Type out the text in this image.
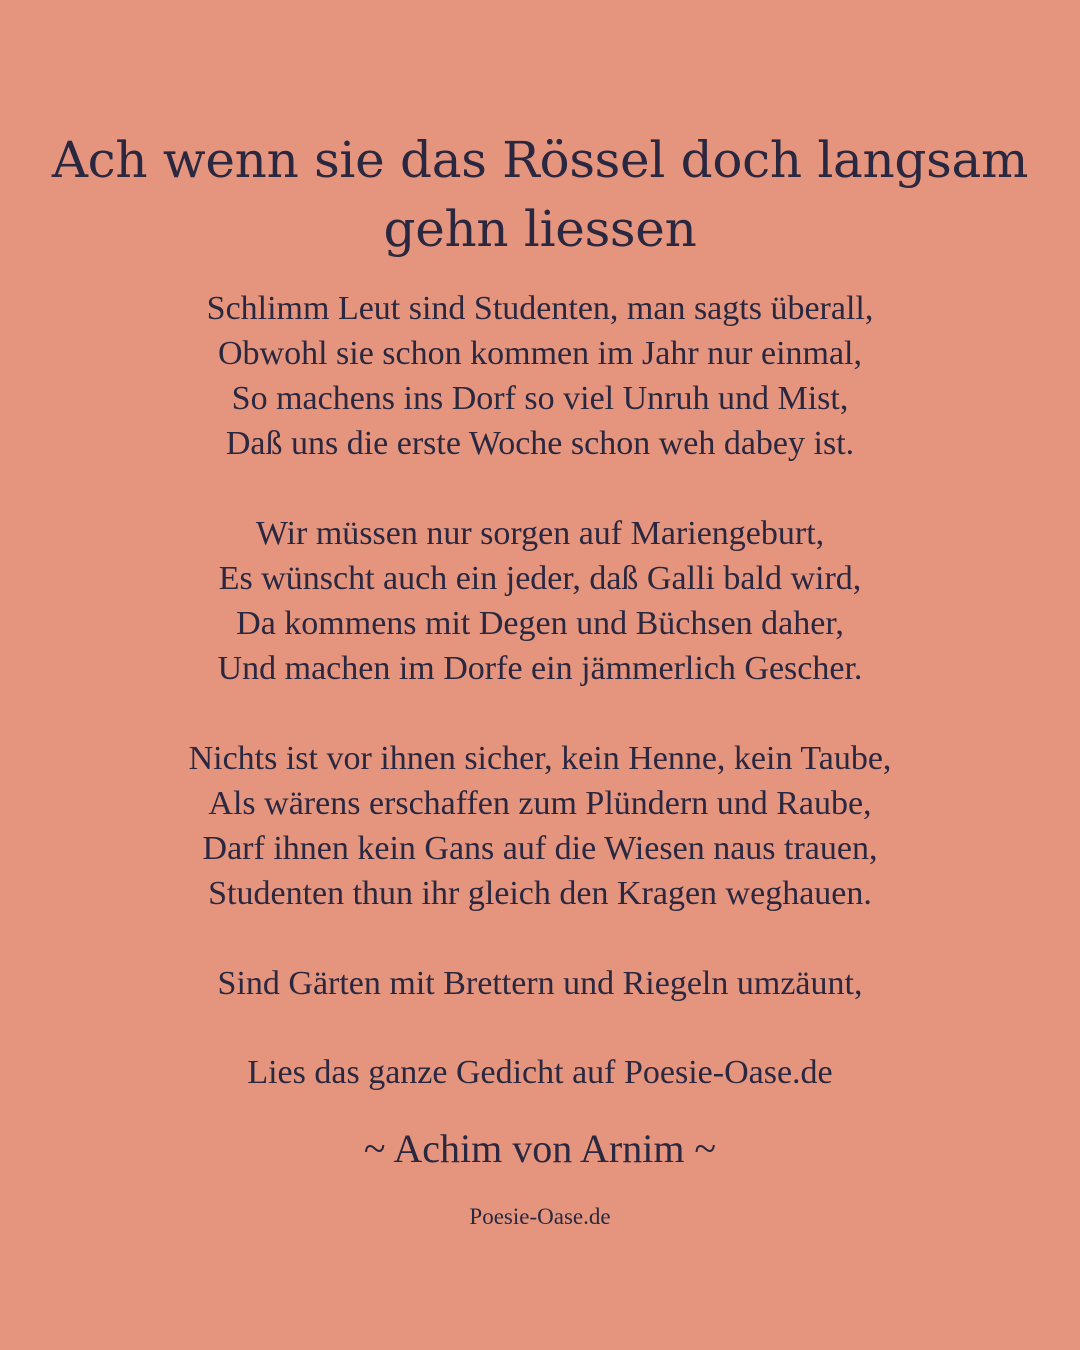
Ach wenn sie das Rössel doch langsam gehn liessen

Schlimm Leut sind Studenten, man sagts überall,
Obwohl sie schon kommen im Jahr nur einmal,
So machens ins Dorf so viel Unruh und Mist,
Daß uns die erste Woche schon weh dabey ist.

Wir müssen nur sorgen auf Mariengeburt,
Es wünscht auch ein jeder, daß Galli bald wird,
Da kommens mit Degen und Büchsen daher,
Und machen im Dorfe ein jämmerlich Gescher.

Nichts ist vor ihnen sicher, kein Henne, kein Taube,
Als wärens erschaffen zum Plündern und Raube,
Darf ihnen kein Gans auf die Wiesen naus trauen,
Studenten thun ihr gleich den Kragen weghauen.

Sind Gärten mit Brettern und Riegeln umzäunt,

Lies das ganze Gedicht auf Poesie-Oase.de

~ Achim von Arnim ~

Poesie-Oase.de
